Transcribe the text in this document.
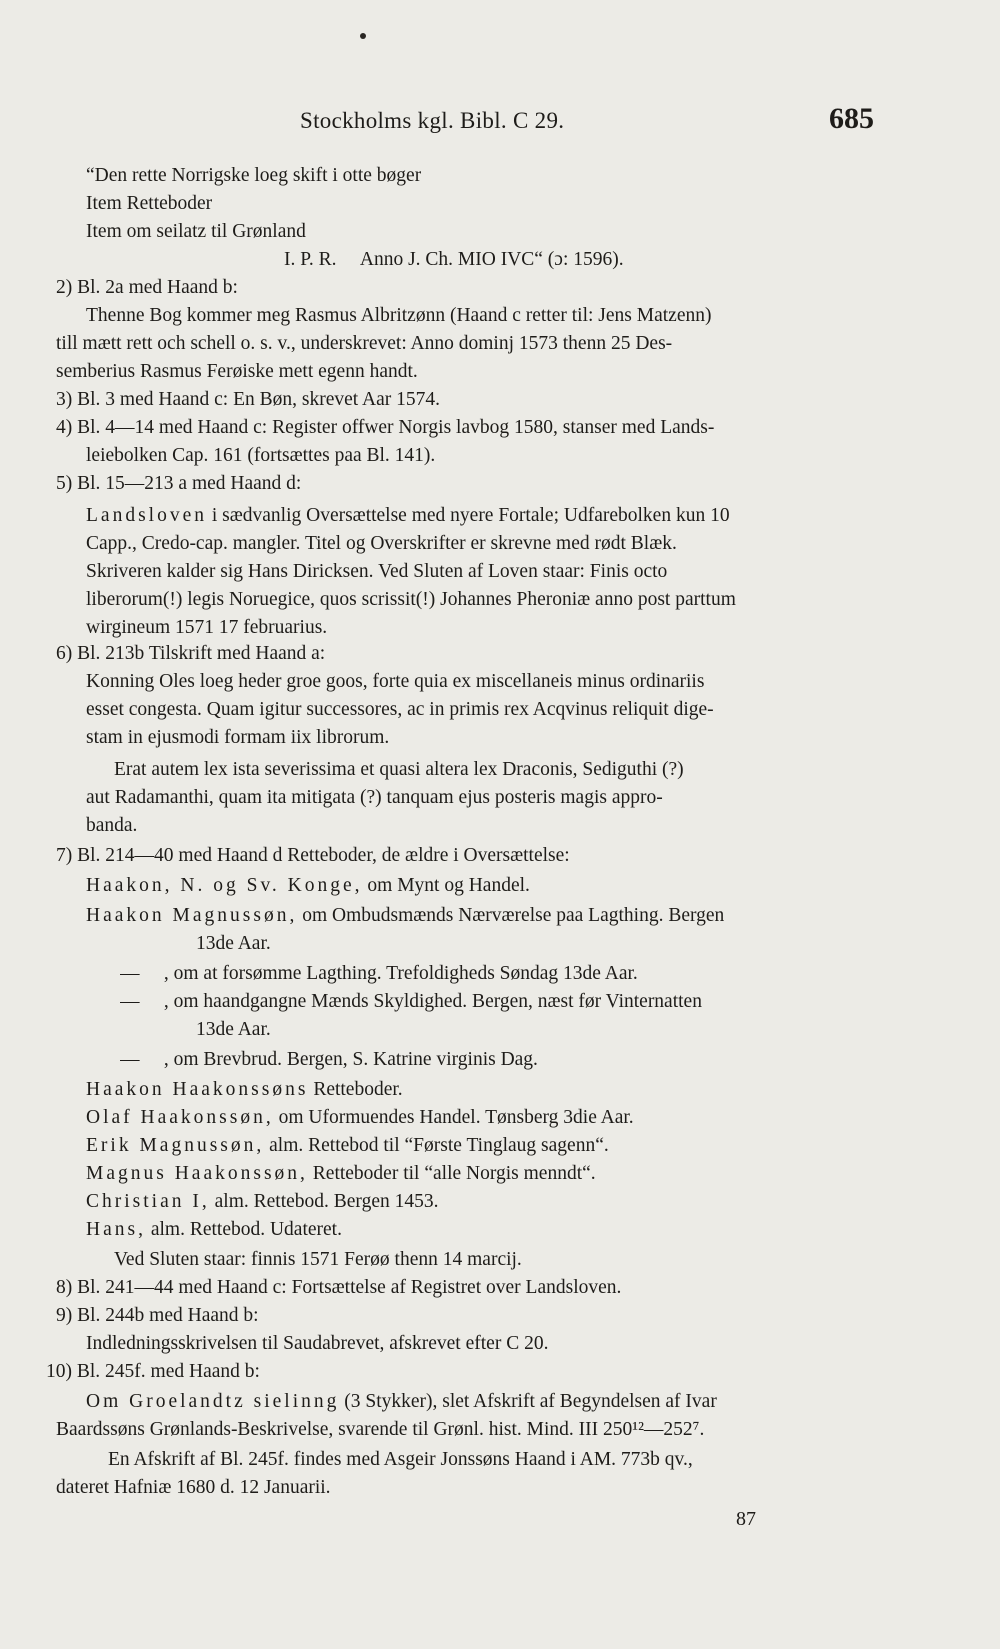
Stockholms kgl. Bibl. C 29.	685
“Den rette Norrigske loeg skift i otte bøger
Item Retteboder
Item om seilatz til Grønland
I. P. R.     Anno J. Ch. MIO IVC“ (ɔ: 1596).
2) Bl. 2a med Haand b:
Thenne Bog kommer meg Rasmus Albritzønn (Haand c retter til: Jens Matzenn)
till mætt rett och schell o. s. v., underskrevet: Anno dominj 1573 thenn 25 Des-
semberius Rasmus Ferøiske mett egenn handt.
3) Bl. 3 med Haand c: En Bøn, skrevet Aar 1574.
4) Bl. 4—14 med Haand c: Register offwer Norgis lavbog 1580, stanser med Lands-
leiebolken Cap. 161 (fortsættes paa Bl. 141).
5) Bl. 15—213 a med Haand d:
Landsloven i sædvanlig Oversættelse med nyere Fortale; Udfarebolken kun 10
Capp., Credo-cap. mangler. Titel og Overskrifter er skrevne med rødt Blæk.
Skriveren kalder sig Hans Diricksen. Ved Sluten af Loven staar: Finis octo
liberorum(!) legis Noruegice, quos scrissit(!) Johannes Pheroniæ anno post parttum
wirgineum 1571 17 februarius.
6) Bl. 213b Tilskrift med Haand a:
Konning Oles loeg heder groe goos, forte quia ex miscellaneis minus ordinariis
esset congesta. Quam igitur successores, ac in primis rex Acqvinus reliquit dige-
stam in ejusmodi formam iix librorum.
Erat autem lex ista severissima et quasi altera lex Draconis, Sediguthi (?)
aut Radamanthi, quam ita mitigata (?) tanquam ejus posteris magis appro-
banda.
7) Bl. 214—40 med Haand d Retteboder, de ældre i Oversættelse:
Haakon, N. og Sv. Konge, om Mynt og Handel.
Haakon Magnussøn, om Ombudsmænds Nærværelse paa Lagthing. Bergen
13de Aar.
—     , om at forsømme Lagthing. Trefoldigheds Søndag 13de Aar.
—     , om haandgangne Mænds Skyldighed. Bergen, næst før Vinternatten
13de Aar.
—     , om Brevbrud. Bergen, S. Katrine virginis Dag.
Haakon Haakonssøns Retteboder.
Olaf Haakonssøn, om Uformuendes Handel. Tønsberg 3die Aar.
Erik Magnussøn, alm. Rettebod til “Første Tinglaug sagenn“.
Magnus Haakonssøn, Retteboder til “alle Norgis menndt“.
Christian I, alm. Rettebod. Bergen 1453.
Hans, alm. Rettebod. Udateret.
Ved Sluten staar: finnis 1571 Ferøø thenn 14 marcij.
8) Bl. 241—44 med Haand c: Fortsættelse af Registret over Landsloven.
9) Bl. 244b med Haand b:
Indledningsskrivelsen til Saudabrevet, afskrevet efter C 20.
10) Bl. 245f. med Haand b:
Om Groelandtz sielinng (3 Stykker), slet Afskrift af Begyndelsen af Ivar
Baardssøns Grønlands-Beskrivelse, svarende til Grønl. hist. Mind. III 250¹²—252⁷.
En Afskrift af Bl. 245f. findes med Asgeir Jonssøns Haand i AM. 773b qv.,
dateret Hafniæ 1680 d. 12 Januarii.
87
